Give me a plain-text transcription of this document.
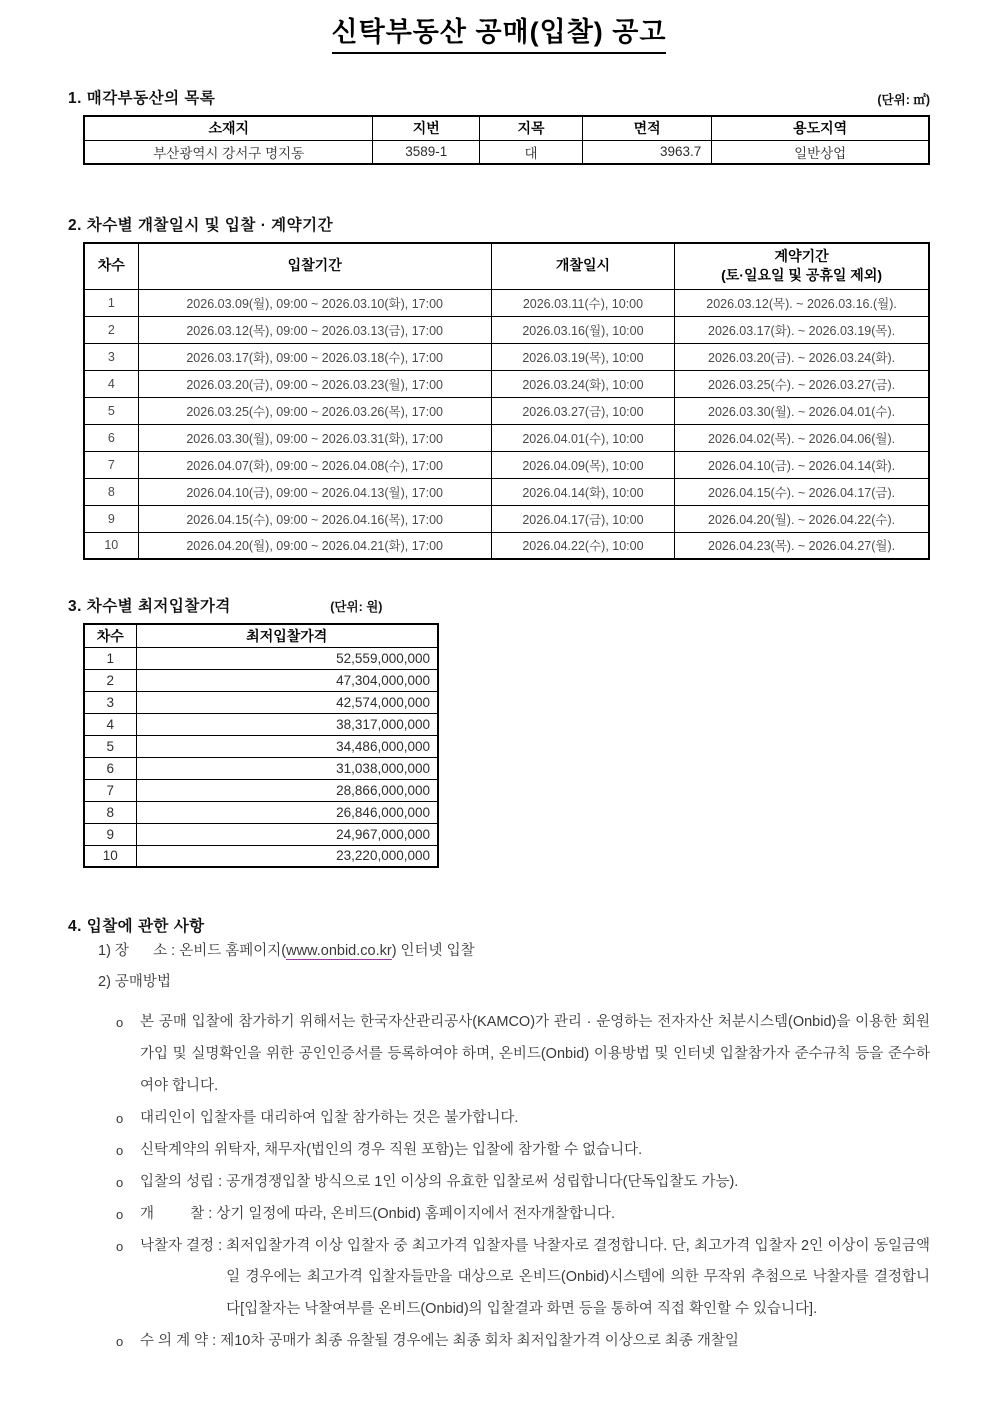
신탁부동산 공매(입찰) 공고
1. 매각부동산의 목록	(단위: ㎡)
소재지	지번	지목	면적	용도지역
부산광역시 강서구 명지동	3589-1	대	3963.7	일반상업
2. 차수별 개찰일시 및 입찰 · 계약기간
차수	입찰기간	개찰일시	계약기간
(토·일요일 및 공휴일 제외)
1	2026.03.09(월), 09:00 ~ 2026.03.10(화), 17:00	2026.03.11(수), 10:00	2026.03.12(목). ~ 2026.03.16.(월).
2	2026.03.12(목), 09:00 ~ 2026.03.13(금), 17:00	2026.03.16(월), 10:00	2026.03.17(화). ~ 2026.03.19(목).
3	2026.03.17(화), 09:00 ~ 2026.03.18(수), 17:00	2026.03.19(목), 10:00	2026.03.20(금). ~ 2026.03.24(화).
4	2026.03.20(금), 09:00 ~ 2026.03.23(월), 17:00	2026.03.24(화), 10:00	2026.03.25(수). ~ 2026.03.27(금).
5	2026.03.25(수), 09:00 ~ 2026.03.26(목), 17:00	2026.03.27(금), 10:00	2026.03.30(월). ~ 2026.04.01(수).
6	2026.03.30(월), 09:00 ~ 2026.03.31(화), 17:00	2026.04.01(수), 10:00	2026.04.02(목). ~ 2026.04.06(월).
7	2026.04.07(화), 09:00 ~ 2026.04.08(수), 17:00	2026.04.09(목), 10:00	2026.04.10(금). ~ 2026.04.14(화).
8	2026.04.10(금), 09:00 ~ 2026.04.13(월), 17:00	2026.04.14(화), 10:00	2026.04.15(수). ~ 2026.04.17(금).
9	2026.04.15(수), 09:00 ~ 2026.04.16(목), 17:00	2026.04.17(금), 10:00	2026.04.20(월). ~ 2026.04.22(수).
10	2026.04.20(월), 09:00 ~ 2026.04.21(화), 17:00	2026.04.22(수), 10:00	2026.04.23(목). ~ 2026.04.27(월).
3. 차수별 최저입찰가격	(단위: 원)
차수	최저입찰가격
1	52,559,000,000
2	47,304,000,000
3	42,574,000,000
4	38,317,000,000
5	34,486,000,000
6	31,038,000,000
7	28,866,000,000
8	26,846,000,000
9	24,967,000,000
10	23,220,000,000
4. 입찰에 관한 사항
1) 장      소 : 온비드 홈페이지(www.onbid.co.kr) 인터넷 입찰
2) 공매방법
o	본 공매 입찰에 참가하기 위해서는 한국자산관리공사(KAMCO)가 관리 · 운영하는 전자자산 처분시스템(Onbid)을 이용한 회원가입 및 실명확인을 위한 공인인증서를 등록하여야 하며, 온비드(Onbid) 이용방법 및 인터넷 입찰참가자 준수규칙 등을 준수하여야 합니다.
o	대리인이 입찰자를 대리하여 입찰 참가하는 것은 불가합니다.
o	신탁계약의 위탁자, 채무자(법인의 경우 직원 포함)는 입찰에 참가할 수 없습니다.
o	입찰의 성립 : 공개경쟁입찰 방식으로 1인 이상의 유효한 입찰로써 성립합니다(단독입찰도 가능).
o	개         찰 : 상기 일정에 따라, 온비드(Onbid) 홈페이지에서 전자개찰합니다.
o	낙찰자 결정 : 최저입찰가격 이상 입찰자 중 최고가격 입찰자를 낙찰자로 결정합니다. 단, 최고가격 입찰자 2인 이상이 동일금액일 경우에는 최고가격 입찰자들만을 대상으로 온비드(Onbid)시스템에 의한 무작위 추첨으로 낙찰자를 결정합니다[입찰자는 낙찰여부를 온비드(Onbid)의 입찰결과 화면 등을 통하여 직접 확인할 수 있습니다].
o	수 의 계 약 : 제10차 공매가 최종 유찰될 경우에는 최종 회차 최저입찰가격 이상으로 최종 개찰일
